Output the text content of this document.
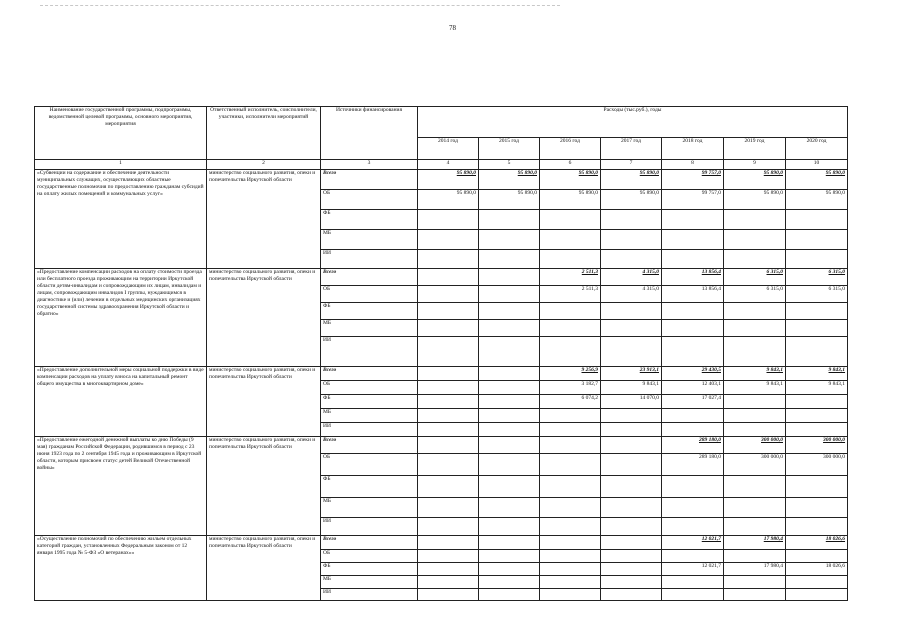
78
Наименование государственной программы, подпрограммы, ведомственной целевой программы, основного мероприятия, мероприятия	Ответственный исполнитель, соисполнители, участники, исполнители мероприятий	Источники финансирования	Расходы (тыс.руб.), годы						
			2014 год	2015 год	2016 год	2017 год	2018 год	2019 год	2020 год
1	2	3	4	5	6	7	8	9	10
«Субвенции на содержание и обеспечение деятельности муниципальных служащих, осуществляющих областные государственные полномочия по предоставлению гражданам субсидий на оплату жилых помещений и коммунальных услуг»	министерство социального развития, опеки и попечительства Иркутской области	Всего	95 890,0	95 890,0	95 890,0	95 890,0	99 757,0	95 890,0	95 890,0
		ОБ	95 890,0	95 890,0	95 890,0	95 890,0	99 757,0	95 890,0	95 890,0
		ФБ							
		МБ							
		ИИ							
«Предоставление компенсации расходов на оплату стоимости проезда или бесплатного проезда проживающим на территории Иркутской области детям-инвалидам и сопровождающим их лицам, инвалидам и лицам, сопровождающим инвалидов I группы, нуждающимся в диагностике и (или) лечении в отдельных медицинских организациях государственной системы здравоохранения Иркутской области и обратно»	министерство социального развития, опеки и попечительства Иркутской области	Всего			2 511,3	4 315,0	13 856,4	6 315,0	6 315,0
		ОБ			2 511,3	4 315,0	13 856,4	6 315,0	6 315,0
		ФБ							
		МБ							
		ИИ							
«Предоставление дополнительной меры социальной поддержки в виде компенсации расходов на уплату взноса на капитальный ремонт общего имущества в многоквартирном доме»	министерство социального развития, опеки и попечительства Иркутской области	Всего			9 256,9	23 913,1	29 430,5	9 843,1	9 843,1
		ОБ			3 182,7	9 843,1	12 403,1	9 843,1	9 843,1
		ФБ			6 074,2	14 070,0	17 027,4		
		МБ							
		ИИ							
«Предоставление ежегодной денежной выплаты ко дню Победы (9 мая) гражданам Российской Федерации, родившимся в период с 23 июня 1923 года по 2 сентября 1945 года и проживающим в Иркутской области, которым присвоен статус детей Великой Отечественной войны»	министерство социального развития, опеки и попечительства Иркутской области	Всего					289 180,0	300 000,0	300 000,0
		ОБ					289 180,0	300 000,0	300 000,0
		ФБ							
		МБ							
		ИИ							
«Осуществление полномочий по обеспечению жильем отдельных категорий граждан, установленных Федеральным законом от 12 января 1995 года № 5-ФЗ «О ветеранах»»	министерство социального развития, опеки и попечительства Иркутской области	Всего					12 021,7	17 980,4	18 026,6
		ОБ							
		ФБ					12 021,7	17 980,4	18 026,6
		МБ							
		ИИ							
